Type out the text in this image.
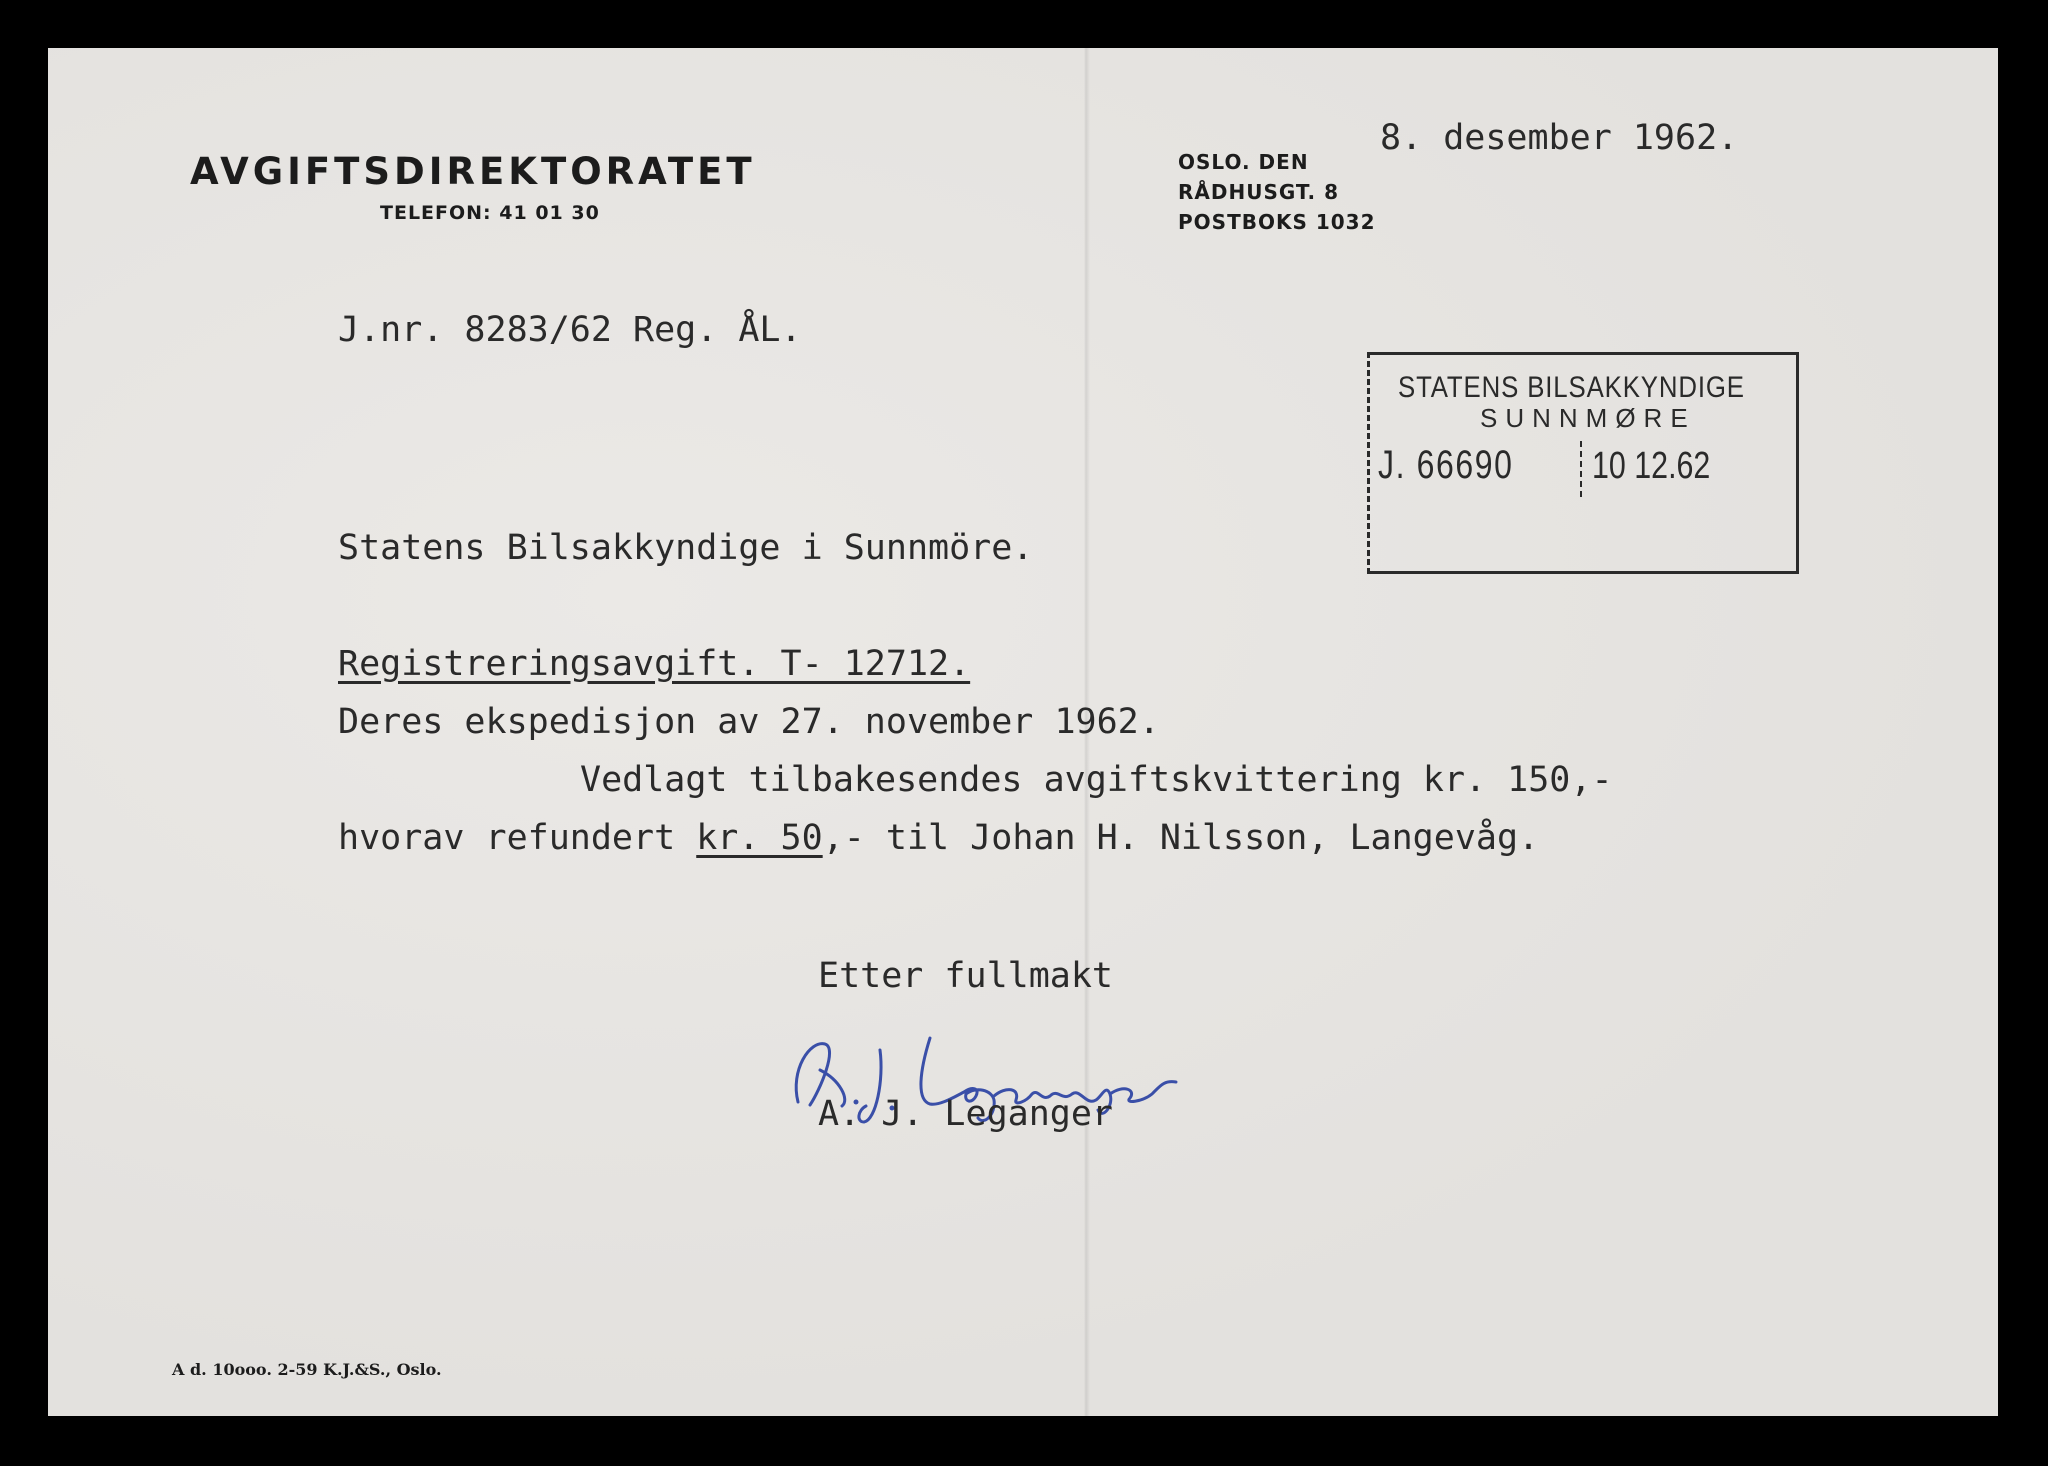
AVGIFTSDIREKTORATET
TELEFON: 41 01 30
OSLO. DEN
RÅDHUSGT. 8
POSTBOKS 1032
8. desember 1962.
J.nr. 8283/62 Reg. ÅL.
STATENS BILSAKKYNDIGE
SUNNMØRE
J. 66690 10 12.62
Statens Bilsakkyndige i Sunnmöre.
Registreringsavgift. T- 12712.
Deres ekspedisjon av 27. november 1962.
Vedlagt tilbakesendes avgiftskvittering kr. 150,-
hvorav refundert kr. 50,- til Johan H. Nilsson, Langevåg.
Etter fullmakt
A. J. Leganger
A d. 10ooo. 2-59 K.J.&S., Oslo.
